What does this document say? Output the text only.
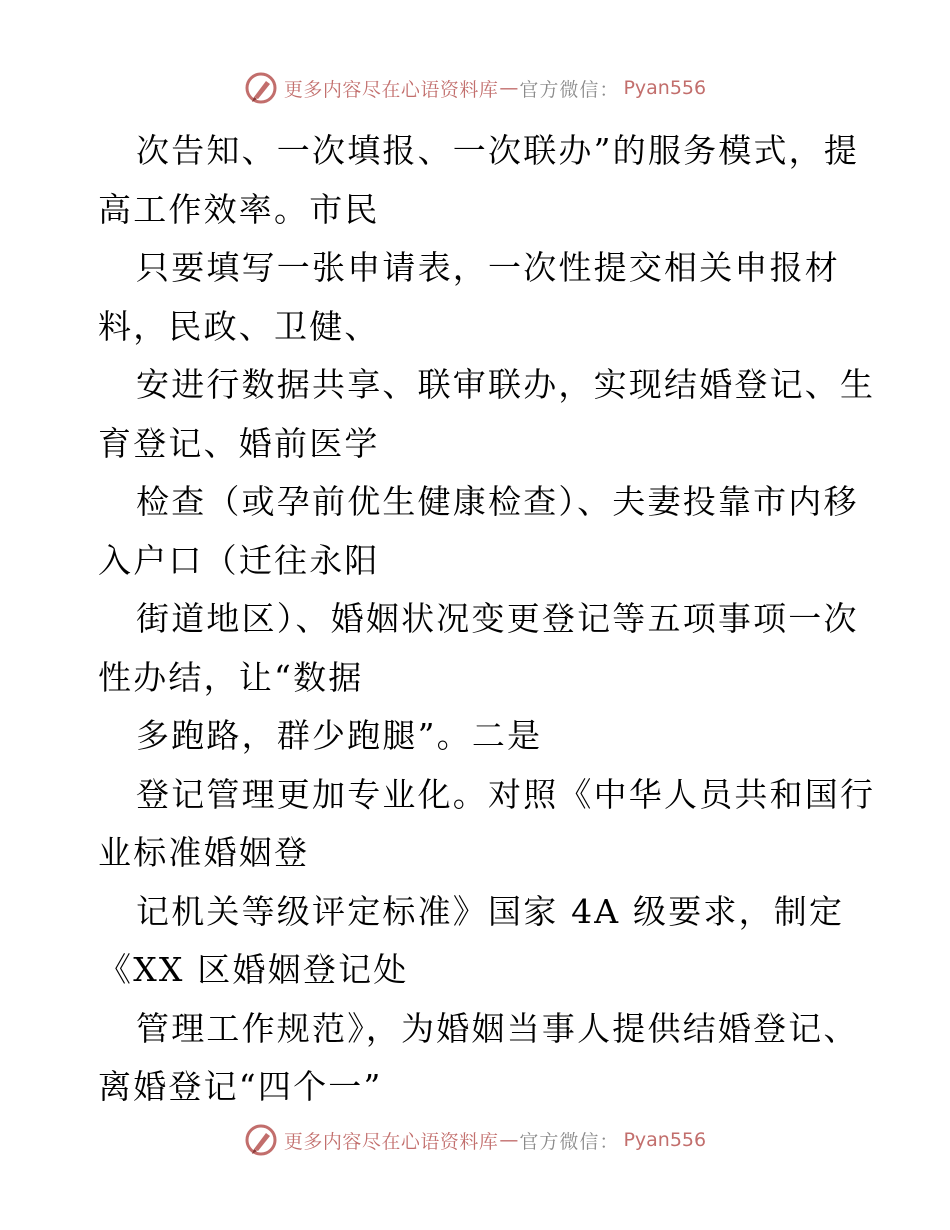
更多内容尽在心语资料库 — 官方微信： Pyan556
次告知、一次填报、一次联办”的服务模式，提
高工作效率。市民
只要填写一张申请表，一次性提交相关申报材
料，民政、卫健、
安进行数据共享、联审联办，实现结婚登记、生
育登记、婚前医学
检查（或孕前优生健康检查）、夫妻投靠市内移
入户口（迁往永阳
街道地区）、婚姻状况变更登记等五项事项一次
性办结，让“数据
多跑路，群少跑腿”。二是
登记管理更加专业化。对照《中华人员共和国行
业标准婚姻登
记机关等级评定标准》国家 4A 级要求，制定
《XX 区婚姻登记处
管理工作规范》，为婚姻当事人提供结婚登记、
离婚登记“四个一”
更多内容尽在心语资料库 — 官方微信： Pyan556
